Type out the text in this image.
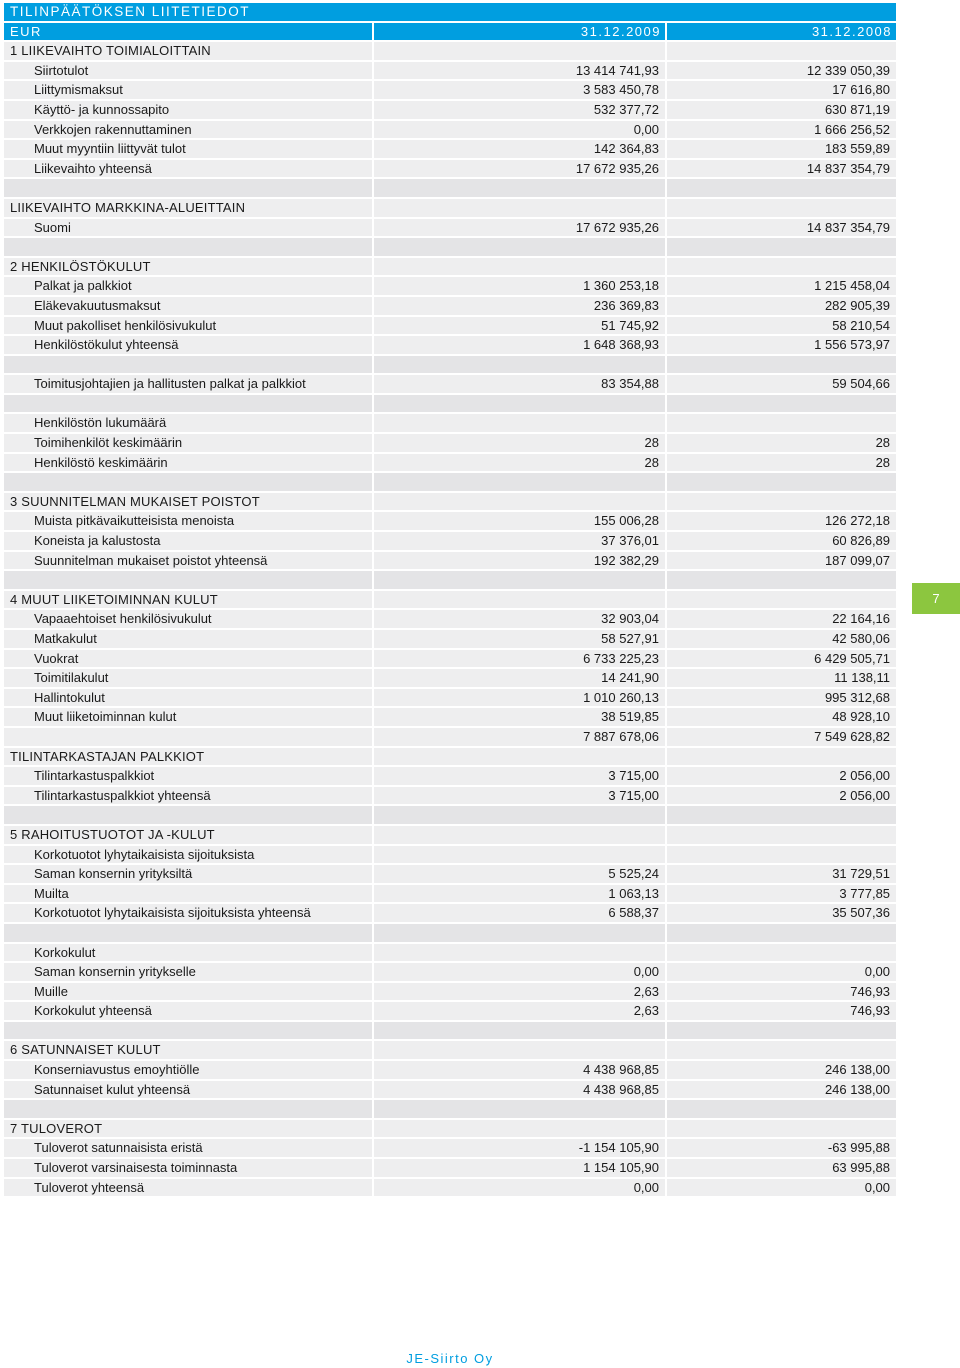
TILINPÄÄTÖKSEN LIITETIEDOT		
EUR	31.12.2009	31.12.2008
1 LIIKEVAIHTO TOIMIALOITTAIN		
Siirtotulot	13 414 741,93	12 339 050,39
Liittymismaksut	3 583 450,78	17 616,80
Käyttö- ja kunnossapito	532 377,72	630 871,19
Verkkojen rakennuttaminen	0,00	1 666 256,52
Muut myyntiin liittyvät tulot	142 364,83	183 559,89
Liikevaihto yhteensä	17 672 935,26	14 837 354,79

LIIKEVAIHTO MARKKINA-ALUEITTAIN		
Suomi	17 672 935,26	14 837 354,79

2 HENKILÖSTÖKULUT		
Palkat ja palkkiot	1 360 253,18	1 215 458,04
Eläkevakuutusmaksut	236 369,83	282 905,39
Muut pakolliset henkilösivukulut	51 745,92	58 210,54
Henkilöstökulut yhteensä	1 648 368,93	1 556 573,97

Toimitusjohtajien ja hallitusten palkat ja palkkiot	83 354,88	59 504,66

Henkilöstön lukumäärä		
Toimihenkilöt keskimäärin	28	28
Henkilöstö keskimäärin	28	28

3 SUUNNITELMAN MUKAISET POISTOT		
Muista pitkävaikutteisista menoista	155 006,28	126 272,18
Koneista ja kalustosta	37 376,01	60 826,89
Suunnitelman mukaiset poistot yhteensä	192 382,29	187 099,07

4 MUUT LIIKETOIMINNAN KULUT		
Vapaaehtoiset henkilösivukulut	32 903,04	22 164,16
Matkakulut	58 527,91	42 580,06
Vuokrat	6 733 225,23	6 429 505,71
Toimitilakulut	14 241,90	11 138,11
Hallintokulut	1 010 260,13	995 312,68
Muut liiketoiminnan kulut	38 519,85	48 928,10
	7 887 678,06	7 549 628,82
TILINTARKASTAJAN PALKKIOT		
Tilintarkastuspalkkiot	3 715,00	2 056,00
Tilintarkastuspalkkiot yhteensä	3 715,00	2 056,00

5 RAHOITUSTUOTOT JA -KULUT		
Korkotuotot lyhytaikaisista sijoituksista		
Saman konsernin yrityksiltä	5 525,24	31 729,51
Muilta	1 063,13	3 777,85
Korkotuotot lyhytaikaisista sijoituksista yhteensä	6 588,37	35 507,36

Korkokulut		
Saman konsernin yritykselle	0,00	0,00
Muille	2,63	746,93
Korkokulut yhteensä	2,63	746,93

6 SATUNNAISET KULUT		
Konserniavustus emoyhtiölle	4 438 968,85	246 138,00
Satunnaiset kulut yhteensä	4 438 968,85	246 138,00

7 TULOVEROT		
Tuloverot satunnaisista eristä	-1 154 105,90	-63 995,88
Tuloverot varsinaisesta toiminnasta	1 154 105,90	63 995,88
Tuloverot yhteensä	0,00	0,00
7
JE-Siirto Oy
